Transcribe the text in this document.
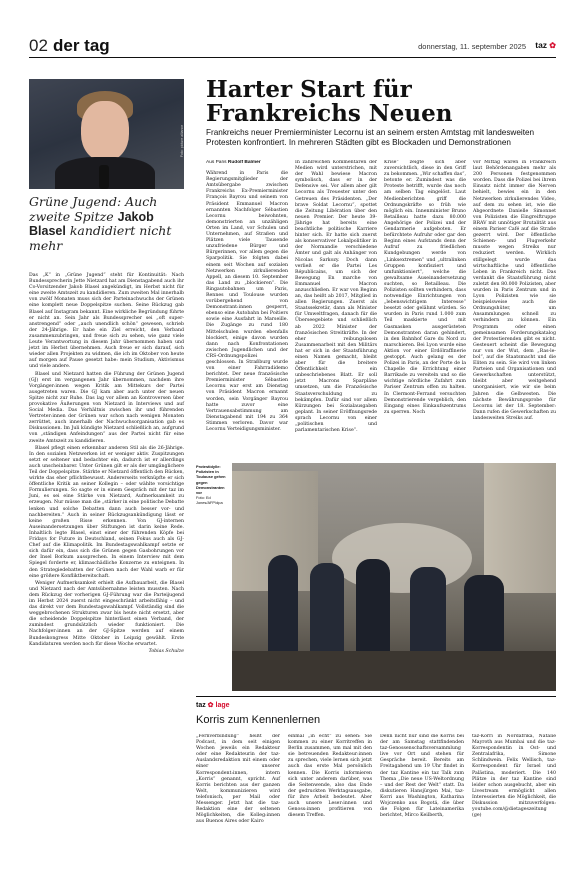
02 der tag	donnerstag, 11. september 2025 taz ✿
Foto: picture alliance
Grüne Jugend: Auch zweite Spitze Jakob Blasel kandidiert nicht mehr

Das „K“ in „Grüne Jugend“ steht für Kontinuität: Nach Bundessprecherin Jette Nietzard hat am Dienstagabend auch ihr Co-Vorsitzender Jakob Blasel angekündigt, im Herbst nicht für eine zweite Amtszeit zu kandidieren. Zum zweiten Mal innerhalb von zwölf Monaten muss sich der Parteinachwuchs der Grünen eine komplett neue Doppelspitze suchen. Seine Rückzug gab Blasel auf Instagram bekannt. Eine wirkliche Begründung führte er nicht an. Sein Jahr als Bundessprecher sei „oft super-anstrengend“ oder „auch unendlich schön“ gewesen, schrieb der 24-Jährige. Er habe ein Ziel erreicht, den Verband zusammenzubringen, und freue sich zu sehen, wie ganz viele Leute Verantwortung in diesem Jahr übernommen haben und jetzt im Herbst übernehmen. Auch freue er sich darauf, sich wieder allen Projekten zu widmen, die ich im Oktober von heute auf morgen auf Pause gesetzt habe: mein Studium, Aktivismus und viele andere.

Blasel und Nietzard hatten die Führung der Grünen Jugend (GJ) erst im vergangenen Jahr übernommen, nachdem ihre Vorgänger:innen wegen Kritik am Mittekurs der Partei ausgetreten waren. Die GJ kam aber auch unter der neuen Spitze nicht zur Ruhe. Das lag vor allem an Kontroversen über provokative Äußerungen von Nietzard in Interviews und auf Social Media. Das Verhältnis zwischen ihr und führenden Vertreter:innen der Grünen war schon nach wenigen Monaten zerrüttet, auch innerhalb der Nachwuchsorganisation gab es Diskussionen. Im Juli kündigte Nietzard schließlich an, aufgrund von „ständigen Anfeindungen“ aus der Partei nicht für eine zweite Amtszeit zu kandidieren.

Blasel pflegt einen erkennbar anderen Stil als die 26-Jährige. In den sozialen Netzwerken ist er weniger aktiv. Zuspitzungen setzt er seltener und bedachter ein, dadurch ist er allerdings auch unscheinbarer. Unter Grünen gilt er als der umgänglichere Teil der Doppelspitze. Stärkte er Nietzard öffentlich den Rücken, wirkte das eher pflichtbewusst. Andererseits verknüpfte er sich öffentliche Kritik an seiner Kollegin – oder wählte vorsichtige Formulierungen. So sagte er in einem Gespräch mit der taz im Juni, es sei eine Stärke von Nietzard, Aufmerksamkeit zu erzeugen. Nur müsse man die „stärker in eine politische Debatte lenken und solche Debatten dann auch besser vor- und nachbereiten.“ Auch in seiner Rückzugsankündigung lässt er keine großen Risse erkennen. Von GJ-internen Auseinandersetzungen über Stiftungen ist darin keine Rede. Inhaltlich legte Blasel, einst einer der führenden Köpfe bei Fridays for Future in Deutschland, seinen Fokus auch als GJ-Chef auf die Klimapolitik. Im Bundestagswahlkampf setzte er sich dafür ein, dass sich die Grünen gegen Gasbohrungen vor der Insel Borkum aussprechen. In einem Interview mit dem Spiegel forderte er, klimaschädliche Konzerne zu enteignen. In den Strategiedebatten der Grünen nach der Wahl warb er für eine größere Konfliktbereitschaft.

Weniger Aufmerksamkeit erhielt die Aufbauarbeit, die Blasel und Nietzard nach der Amtsübernahme leisten mussten. Nach dem Rückzug der vorherigen GJ-Führung war die Parteijugend im Herbst 2024 zuerst nicht eingeschränkt arbeitsfähig – und das direkt vor dem Bundestagswahlkampf. Vollständig sind die weggebrochenen Strukturen zwar bis heute nicht ersetzt, aber die scheidende Doppelspitze hinterlässt einen Verband, der zumindest grundsätzlich wieder funktioniert. Die Nachfolger:innen an der GJ-Spitze werden auf einem Bundeskongress Mitte Oktober in Leipzig gewählt. Erste Kandidaturen werden noch für diese Woche erwartet.

Tobias Schulze

Harter Start für Frankreichs Neuen
Frankreichs neuer Premierminister Lecornu ist an seinem ersten Amtstag mit landesweiten Protesten konfrontiert. In mehreren Städten gibt es Blockaden und Demonstrationen

Aus Paris Rudolf Balmer

Während in Paris die Regierungsmitglieder der Amtsübergabe zwischen Frankreichs Ex-Premierminister François Bayrou und seinem von Präsident Emmanuel Macron ernannten Nachfolger Sébastien Lecornu beiwohnten, demonstrierten an unzähligen Orten im Land, vor Schulen und Unternehmen, auf Straßen und Plätzen viele Tausende unzufriedene Bürger und Bürgerinnen, vor allem gegen die Sparpolitik. Sie folgten dabei einem seit Wochen auf sozialen Netzwerken zirkulierenden Appell, an diesem 10. September das Land zu „blockieren“. Die Ringautobahnen um Paris, Rennes und Toulouse wurden vorübergehend von Demonstrant:innen gesperrt, ebenso eine Autobahn bei Poitiers sowie eine Ausfahrt in Marseille. Die Zugänge zu rund 180 Mittelschulen wurden ebenfalls blockiert, einige davon wurden dann nach Konfrontationen zwischen Jugendlichen und der CRS-Ordnungspolizei geschlossen. In Straßburg wurde von einer Fahrradidemo berichtet. Der neue französische Premierminister Sébastien Lecornu war erst am Dienstag von Präsident Macron ernannt worden, sein Vorgänger Bayrou hatte zuvor eine Vertrauensabstimmung am Dienstagabend mit 194 zu 364 Stimmen verloren. Davor war Lecornu Verteidigungsminister.

In zahlreichen Kommentaren der Medien wird unterstrichen, mit der Wahl bewiese Macron symbolisch, dass er in der Defensive sei. Vor allem aber gilt Lecornu als Treuester unter den Getreuen des Präsidenten. „Der brave Soldat Lecornu“, spottet die Zeitung Libération über den neuen Premier. Der heute 39-Jährige hat bereits eine beachtliche politische Karriere hinter sich. Er hatte sich zuerst als konservativer Lokalpolitiker in der Normandie verschiedene Ämter und galt als Anhänger von Nicolas Sarkozy. Doch dann verließ er die Partei Les Républicains, um sich der Bewegung En marche von Emmanuel Macron anzuschließen. Er war von Beginn an, das heißt ab 2017, Mitglied in allen Regierungen. Zuerst als Staatssekretär, dann als Minister für Umweltfragen, danach für die Überseegebiete und schließlich ab 2022 Minister der französischen Streitkräfte. In der eher reibungslosen Zusammenarbeit mit den Militärs hat er sich in der Staatsführung einen Namen gemacht, bleibt aber für die breitere Öffentlichkeit ein unbeschriebenes Blatt. Er soll jetzt Macrons Sparpläne umsetzen, um die Französische Staatsverschuldung zu bekämpfen. Dafür sind vor allem Kürzungen bei Sozialausgaben geplant. In seiner Eröffnungsrede sprach Lecornu von einer „politischen und parlamentarischen Krise“.

Krise“ zeigte sich aber zuversichtlich, diese in den Griff zu bekommen. „Wir schaffen das“, betonte er. Zumindest was die Proteste betrifft, wurde das noch am selben Tag eingelöst. Laut Medienberichten griff die Ordnungskräfte so früh wie möglich ein. Innenminister Bruno Retailleau hatte dazu 80.000 Angehörige der Polizei und der Gendarmerie aufgeboten. Er befürchtete Aufruhr oder gar den Beginn eines Aufstands denn der Aufruf zu friedlichen Kundgebungen werde von „Linksextremen“ und „ultralinken Gruppen konfisziert und umfunktioniert“, welche die gewaltsame Auseinandersetzung suchten, so Retailleau. Die Polizisten sollten verhindern, dass notwendige Einrichtungen von „lebenswichtigem Interesse“ besetzt oder gelähmt würden. So wurden in Paris rund 1.000 zum Teil maskierte und mit Gasmasken ausgerüsteten Demonstranten daran gehindert, in den Bahnhof Gare du Nord zu marschieren. Bei Lyon wurde eine Aktion vor einer Erdölraffinerie gestoppt. Auch gelang es der Polizei in Paris, an der Porte de la Chapelle die Errichtung einer Barrikade zu vereiteln und so die wichtige nördliche Zufahrt zum Pariser Zentrum offen zu halten. In Clermont-Ferrand versuchten Demonstrierende vergeblich, den Eingang eines Einkaufszentrums zu sperren. Noch

vor Mittag waren in Frankreich laut Behördenangaben mehr als 200 Personen festgenommen worden. Dass die Polizei bei ihrem Einsatz nicht immer die Nerven behielt, bewies ein in den Netzwerken zirkulierendes Video, auf dem zu sehen ist, wie die Abgeordnete Danielle Simonnet von Polizisten die Eingreiftruppe BRAV mit unnötiger Brutalität aus einem Pariser Café auf die Straße gezerrt wird. Der öffentliche Schienen- und Flugverkehr musste wegen Streiks nur reduziert werden. Wirklich stillgelegt wurde das wirtschaftliche und öffentliche Leben in Frankreich nicht. Das verdankt die Staatsführung nicht zuletzt den 80.000 Polizisten, aber wurden in Paris Zentrum und in Lyon Polizisten wie sie beispielsweise auch die Ordnungshüter, um Ansammlungen schnell zu verhindern zu können. Ein Programm oder einen gemeinsamen Forderungskatalog der Protestierenden gibt es nicht. Gesteuert scheint die Bewegung nur von der Wut, dem „Ras-le-bol“, auf die Staatsmacht und die Eliten zu sein. Sie wird von linken Parteien und Organisationen und Gewerkschaften unterstützt, bleibt aber weitgehend unorganisiert, wie wir sie beim Jahren die Gelbwesten. Die nächste Bewährungsprobe für Lecornu ist der 18. September: Dann rufen die Gewerkschaften zu landesweiten Streiks auf.

Protestidylle: Polizisten in Toulouse gehen gegen Demonstranten vor

Foto: Ed Jones/AFP/dpa

taz ✿ lage
Korris zum Kennenlernen

„Fernverbindung“ heißt der Podcast, in dem seit einigen Wochen jeweils ein Redakteur oder eine Redakteurin der taz-Auslandsredaktion mit einem oder einer unserer Korrespondent:innen, intern „Korris“ genannt, spricht. Auf Korris berichten aus der ganzen Welt, kommunizieren wird telefonisch, per Mail oder Messenger. Jetzt hat die taz-Redaktion eine der seltenen Möglichkeiten, die Kolleg:innen aus Buenos Aires oder Kairo

einmal „in echt“ zu sehen: Sie kommen zu einer Korritreffen in Berlin zusammen, um mal mit den sie betreuenden Redakteur:innen zu sprechen, viele lernen sich jetzt auch das erste Mal persönlich kennen. Die Korris informieren sich unter anderem darüber, was die Seitenwende, also das Ende der gedruckten Werktagsausgabe, für ihre Arbeit bedeutet. Aber auch unsere Leser:innen und Genoss:innen profitieren von diesem Treffen.

Denn nicht nur sind die Korris bei der am Samstag stattfindenden taz-Genossenschaftsversammlung live vor Ort und stehen für Gespräche bereit. Bereits am Freitagabend um 19 Uhr findet in der taz Kantine ein taz Talk zum Thema „Die neue US-Weltordnung – und der Rest der Welt“ statt. Da diskutieren Hansjürgen Mai, taz-Korri aus Washington, Katharina Wojczenko aus Bogotá, die über die Folgen für Lateinamerika berichtet, Mirco Keilberth,

taz-Korri in Nordafrika, Natalie Mayroth aus Mumbai und die taz-Korrespondentin in Ost- und Zentralafrika, Simone Schlindwein. Felix Wellisch, taz-Korrespondent für Israel und Palästina, moderiert. Die 140 Plätze in der taz Kantine sind leider schon ausgebucht, aber ein Livestream ermöglicht allen Interessierten die Möglichkeit, die Diskussion mitzuverfolgen: youtube.com/@dietageszeitung (ge)
